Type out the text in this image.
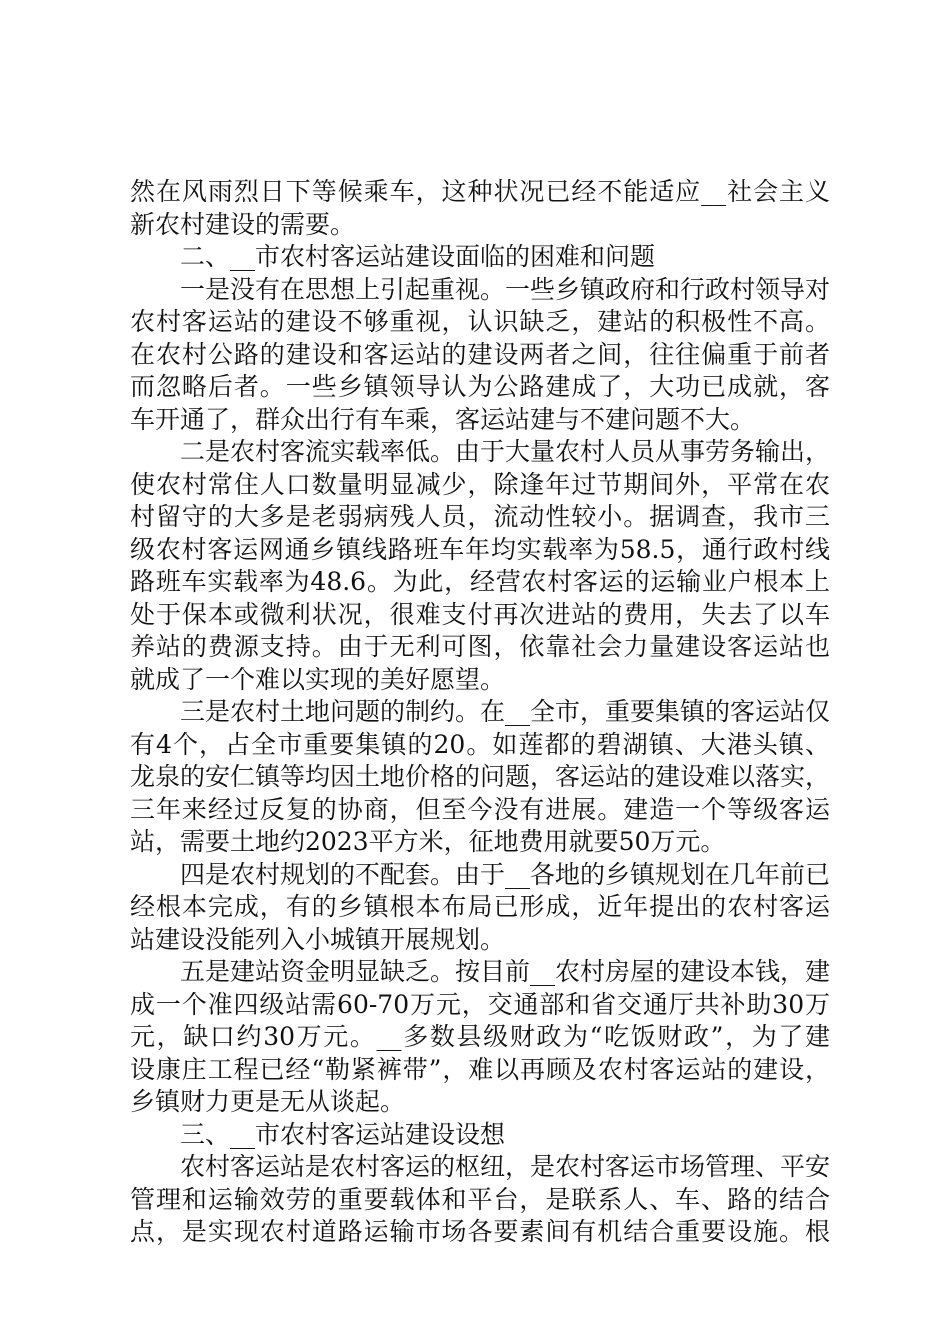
然在风雨烈日下等候乘车，这种状况已经不能适应__社会主义
新农村建设的需要。
二、__市农村客运站建设面临的困难和问题
一是没有在思想上引起重视。一些乡镇政府和行政村领导对
农村客运站的建设不够重视，认识缺乏，建站的积极性不高。
在农村公路的建设和客运站的建设两者之间，往往偏重于前者
而忽略后者。一些乡镇领导认为公路建成了，大功已成就，客
车开通了，群众出行有车乘，客运站建与不建问题不大。
二是农村客流实载率低。由于大量农村人员从事劳务输出，
使农村常住人口数量明显减少，除逢年过节期间外，平常在农
村留守的大多是老弱病残人员，流动性较小。据调查，我市三
级农村客运网通乡镇线路班车年均实载率为58.5，通行政村线
路班车实载率为48.6。为此，经营农村客运的运输业户根本上
处于保本或微利状况，很难支付再次进站的费用，失去了以车
养站的费源支持。由于无利可图，依靠社会力量建设客运站也
就成了一个难以实现的美好愿望。
三是农村土地问题的制约。在__全市，重要集镇的客运站仅
有4个，占全市重要集镇的20。如莲都的碧湖镇、大港头镇、
龙泉的安仁镇等均因土地价格的问题，客运站的建设难以落实，
三年来经过反复的协商，但至今没有进展。建造一个等级客运
站，需要土地约2023平方米，征地费用就要50万元。
四是农村规划的不配套。由于__各地的乡镇规划在几年前已
经根本完成，有的乡镇根本布局已形成，近年提出的农村客运
站建设没能列入小城镇开展规划。
五是建站资金明显缺乏。按目前__农村房屋的建设本钱，建
成一个准四级站需60-70万元，交通部和省交通厅共补助30万
元，缺口约30万元。__多数县级财政为“吃饭财政”，为了建
设康庄工程已经“勒紧裤带”，难以再顾及农村客运站的建设，
乡镇财力更是无从谈起。
三、__市农村客运站建设设想
农村客运站是农村客运的枢纽，是农村客运市场管理、平安
管理和运输效劳的重要载体和平台，是联系人、车、路的结合
点，是实现农村道路运输市场各要素间有机结合重要设施。根
